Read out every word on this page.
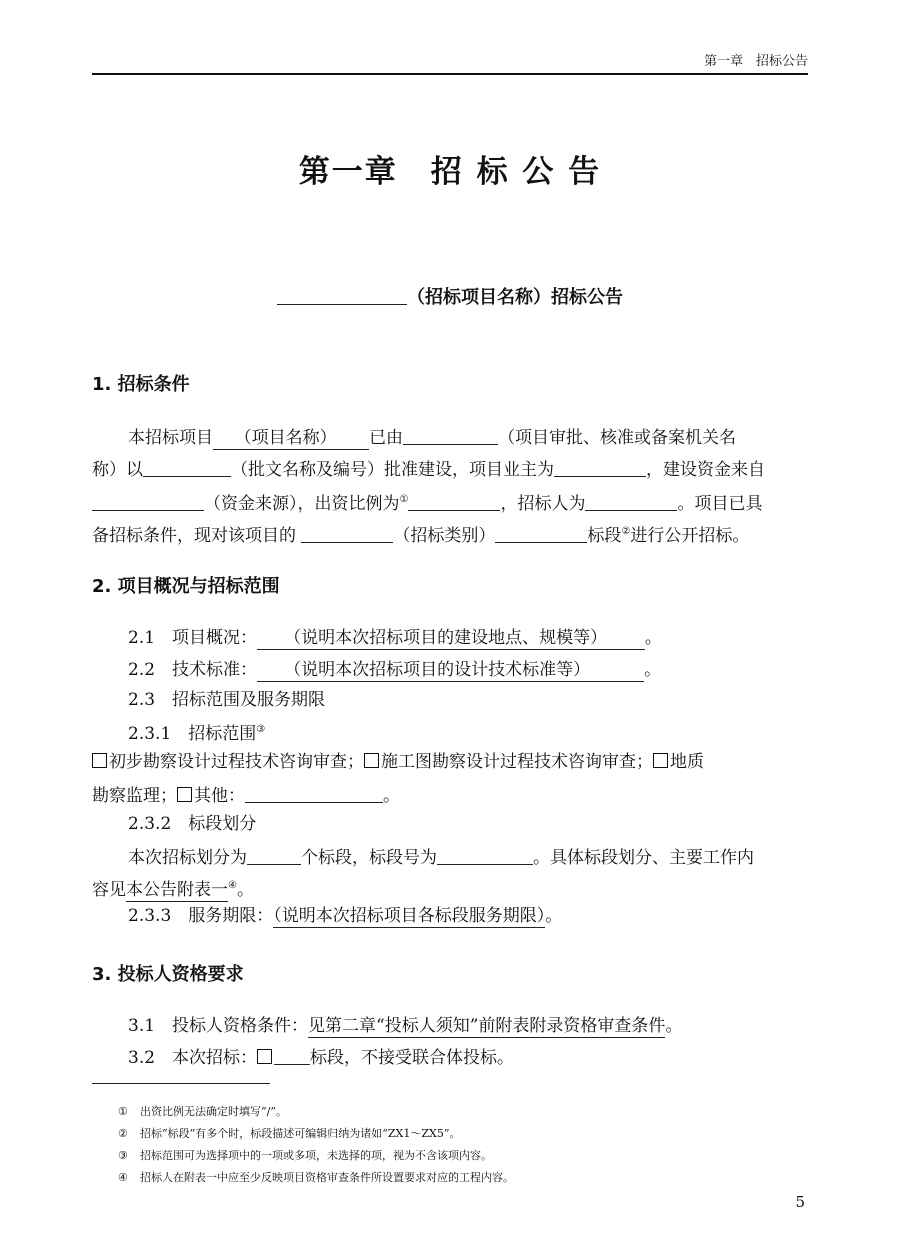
第一章　招标公告
第一章　招 标 公 告
（招标项目名称）招标公告
1. 招标条件
本招标项目 （项目名称） 已由	（项目审批、核准或备案机关名
称）以	（批文名称及编号）批准建设，项目业主为	，建设资金来自
（资金来源），出资比例为①	，招标人为	。项目已具
备招标条件，现对该项目的	（招标类别）	标段②进行公开招标。
2. 项目概况与招标范围
2.1　项目概况： （说明本次招标项目的建设地点、规模等） 。
2.2　技术标准： （说明本次招标项目的设计技术标准等）	。
2.3　招标范围及服务期限
2.3.1　招标范围③
初步勘察设计过程技术咨询审查； 施工图勘察设计过程技术咨询审查； 地质
勘察监理； 其他：	。
2.3.2　标段划分
本次招标划分为	个标段，标段号为	。具体标段划分、主要工作内
容见本公告附表一④。
2.3.3　服务期限：（说明本次招标项目各标段服务期限）。
3. 投标人资格要求
3.1　投标人资格条件：见第二章“投标人须知”前附表附录资格审查条件。
3.2　本次招标：	标段，不接受联合体投标。
① 出资比例无法确定时填写“/”。
② 招标“标段”有多个时，标段描述可编辑归纳为诸如“ZX1～ZX5”。
③ 招标范围可为选择项中的一项或多项，未选择的项，视为不含该项内容。
④ 招标人在附表一中应至少反映项目资格审查条件所设置要求对应的工程内容。
5
